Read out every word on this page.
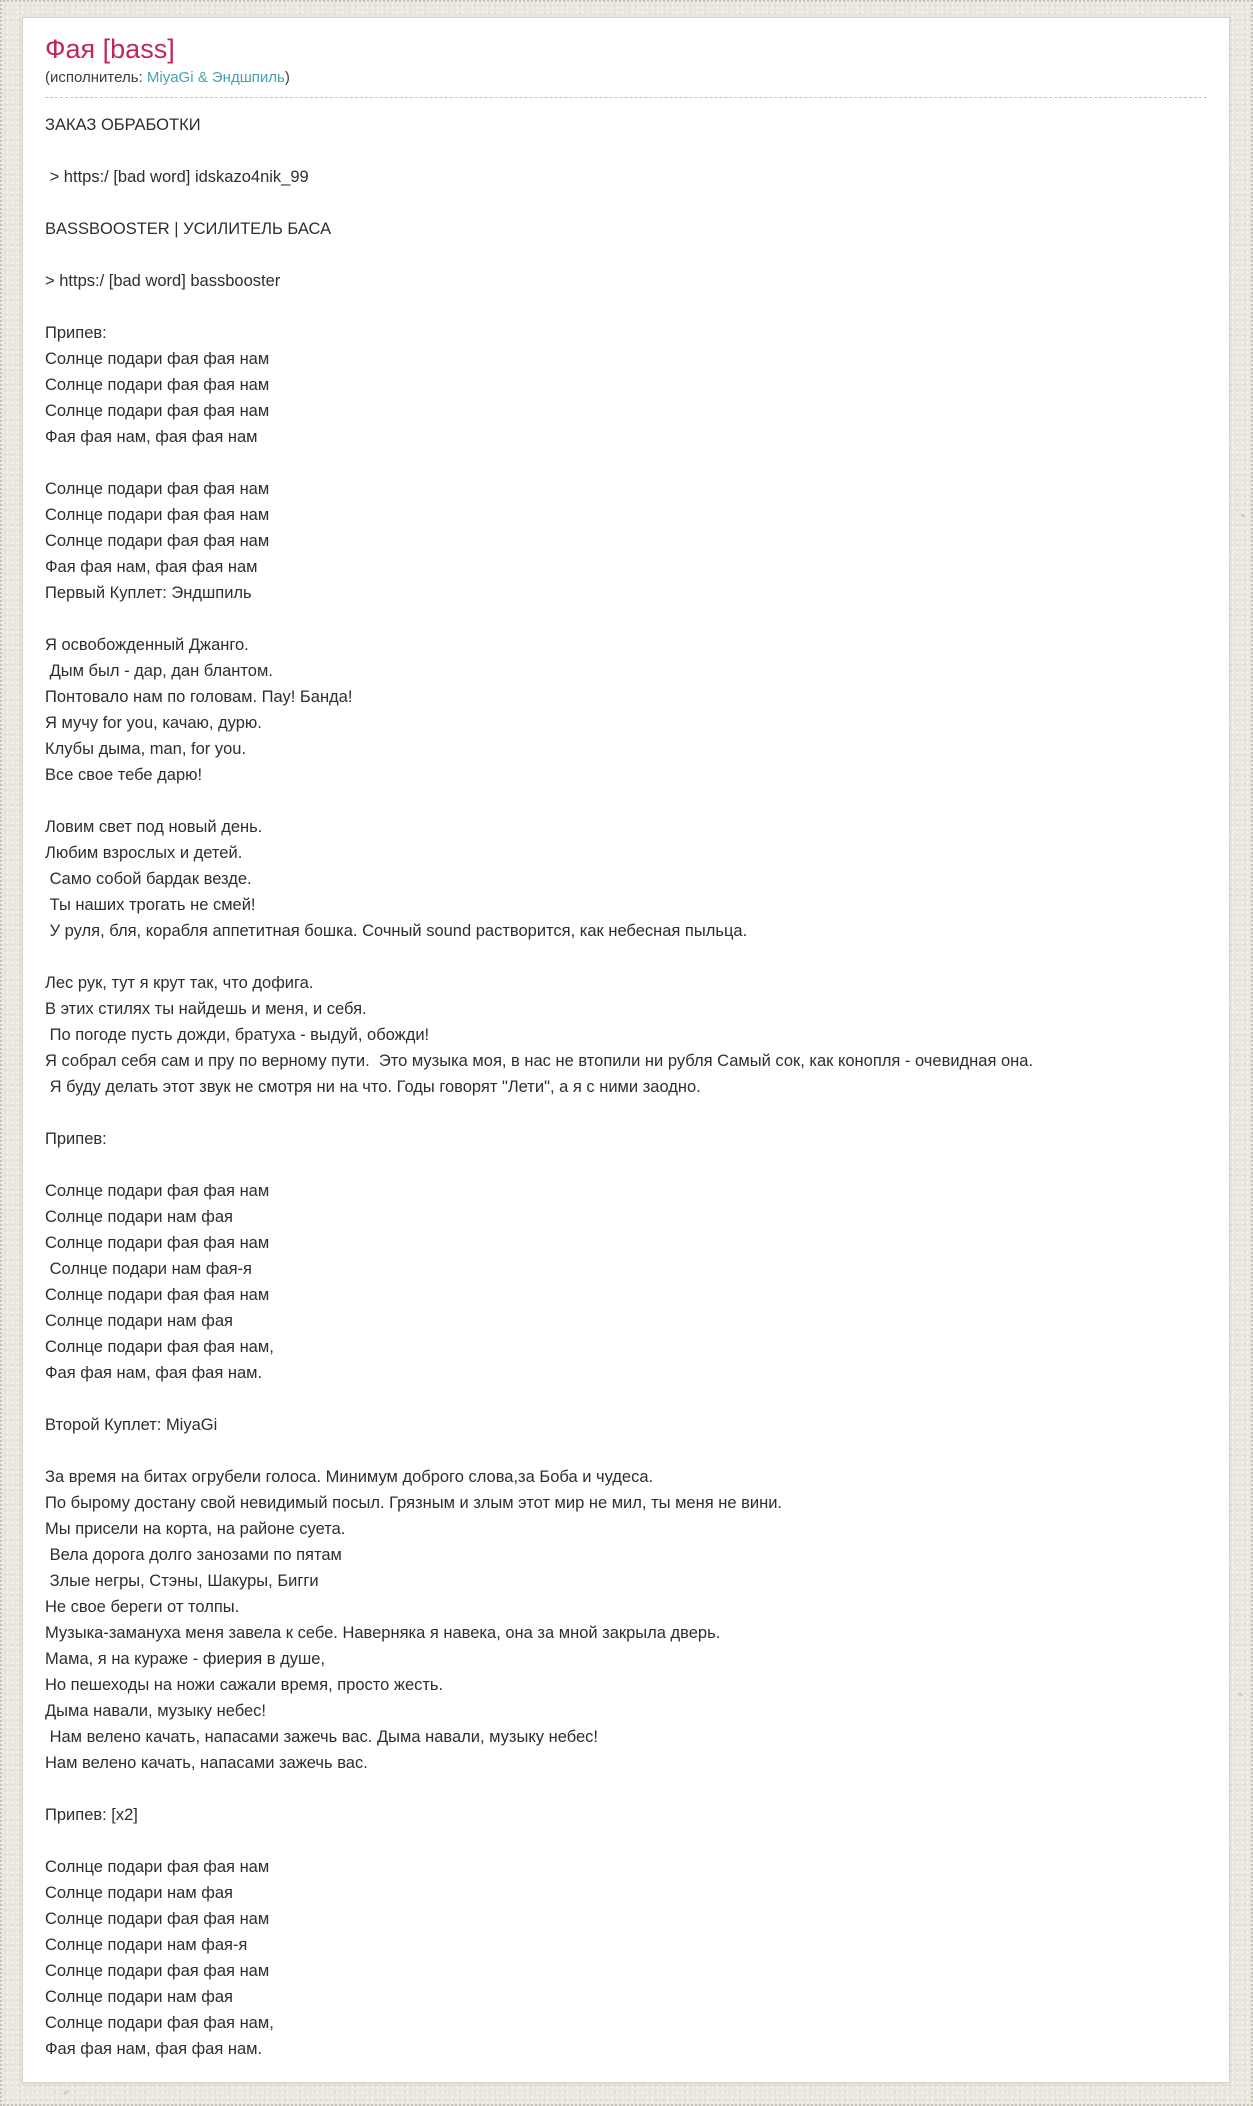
Фая [bass]
(исполнитель: MiyaGi & Эндшпиль)
ЗАКАЗ ОБРАБОТКИ

> https:/ [bad word] idskazo4nik_99

BASSBOOSTER | УСИЛИТЕЛЬ БАСА

> https:/ [bad word] bassbooster

Припев:
Солнце подари фая фая нам
Солнце подари фая фая нам
Солнце подари фая фая нам
Фая фая нам, фая фая нам

Солнце подари фая фая нам
Солнце подари фая фая нам
Солнце подари фая фая нам
Фая фая нам, фая фая нам
Первый Куплет: Эндшпиль

Я освобожденный Джанго.
Дым был - дар, дан блантом.
Понтовало нам по головам. Пау! Банда!
Я мучу for you, качаю, дурю.
Клубы дыма, man, for you.
Все свое тебе дарю!

Ловим свет под новый день.
Любим взрослых и детей.
Само собой бардак везде.
Ты наших трогать не смей!
У руля, бля, корабля аппетитная бошка. Сочный sound растворится, как небесная пыльца.

Лес рук, тут я крут так, что дофига.
В этих стилях ты найдешь и меня, и себя.
По погоде пусть дожди, братуха - выдуй, обожди!
Я собрал себя сам и пру по верному пути.  Это музыка моя, в нас не втопили ни рубля Самый сок, как конопля - очевидная она.
Я буду делать этот звук не смотря ни на что. Годы говорят "Лети", а я с ними заодно.

Припев:

Солнце подари фая фая нам
Солнце подари нам фая
Солнце подари фая фая нам
Солнце подари нам фая-я
Солнце подари фая фая нам
Солнце подари нам фая
Солнце подари фая фая нам,
Фая фая нам, фая фая нам.

Второй Куплет: MiyaGi

За время на битах огрубели голоса. Минимум доброго слова,за Боба и чудеса.
По бырому достану свой невидимый посыл. Грязным и злым этот мир не мил, ты меня не вини.
Мы присели на корта, на районе суета.
Вела дорога долго занозами по пятам
Злые негры, Стэны, Шакуры, Бигги
Не свое береги от толпы.
Музыка-замануха меня завела к себе. Наверняка я навека, она за мной закрыла дверь.
Мама, я на кураже - фиерия в душе,
Но пешеходы на ножи сажали время, просто жесть.
Дыма навали, музыку небес!
Нам велено качать, напасами зажечь вас. Дыма навали, музыку небес!
Нам велено качать, напасами зажечь вас.

Припев: [x2]

Солнце подари фая фая нам
Солнце подари нам фая
Солнце подари фая фая нам
Солнце подари нам фая-я
Солнце подари фая фая нам
Солнце подари нам фая
Солнце подари фая фая нам,
Фая фая нам, фая фая нам.
